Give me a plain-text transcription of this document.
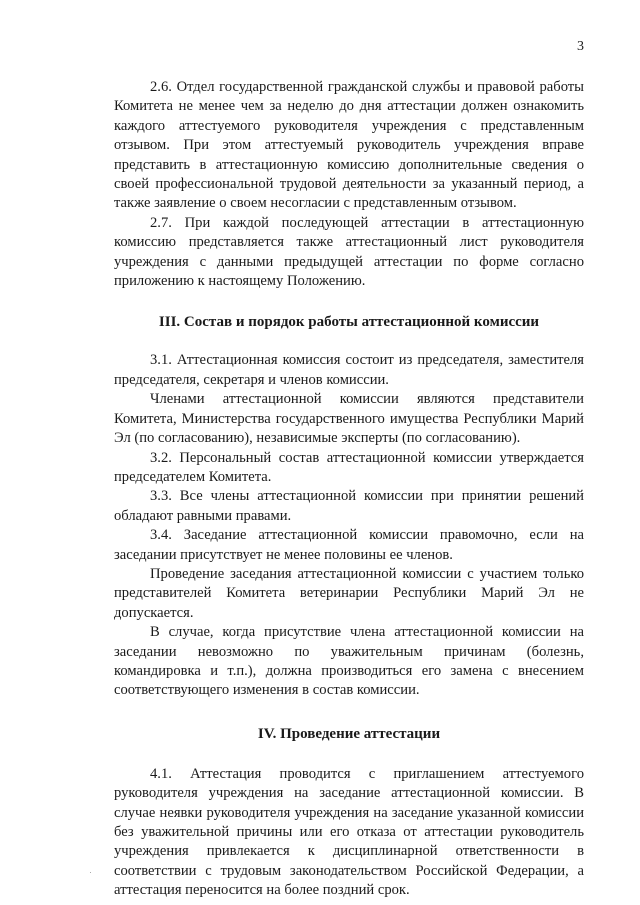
3

2.6. Отдел государственной гражданской службы и правовой работы Комитета не менее чем за неделю до дня аттестации должен ознакомить каждого аттестуемого руководителя учреждения с представленным отзывом. При этом аттестуемый руководитель учреждения вправе представить в аттестационную комиссию дополнительные сведения о своей профессиональной трудовой деятельности за указанный период, а также заявление о своем несогласии с представленным отзывом.

2.7. При каждой последующей аттестации в аттестационную комиссию представляется также аттестационный лист руководителя учреждения с данными предыдущей аттестации по форме согласно приложению к настоящему Положению.

III. Состав и порядок работы аттестационной комиссии

3.1. Аттестационная комиссия состоит из председателя, заместителя председателя, секретаря и членов комиссии.

Членами аттестационной комиссии являются представители Комитета, Министерства государственного имущества Республики Марий Эл (по согласованию), независимые эксперты (по согласованию).

3.2. Персональный состав аттестационной комиссии утверждается председателем Комитета.

3.3. Все члены аттестационной комиссии при принятии решений обладают равными правами.

3.4. Заседание аттестационной комиссии правомочно, если на заседании присутствует не менее половины ее членов.

Проведение заседания аттестационной комиссии с участием только представителей Комитета ветеринарии Республики Марий Эл не допускается.

В случае, когда присутствие члена аттестационной комиссии на заседании невозможно по уважительным причинам (болезнь, командировка и т.п.), должна производиться его замена с внесением соответствующего изменения в состав комиссии.

IV. Проведение аттестации

4.1. Аттестация проводится с приглашением аттестуемого руководителя учреждения на заседание аттестационной комиссии. В случае неявки руководителя учреждения на заседание указанной комиссии без уважительной причины или его отказа от аттестации руководитель учреждения привлекается к дисциплинарной ответственности в соответствии с трудовым законодательством Российской Федерации, а аттестация переносится на более поздний срок.
